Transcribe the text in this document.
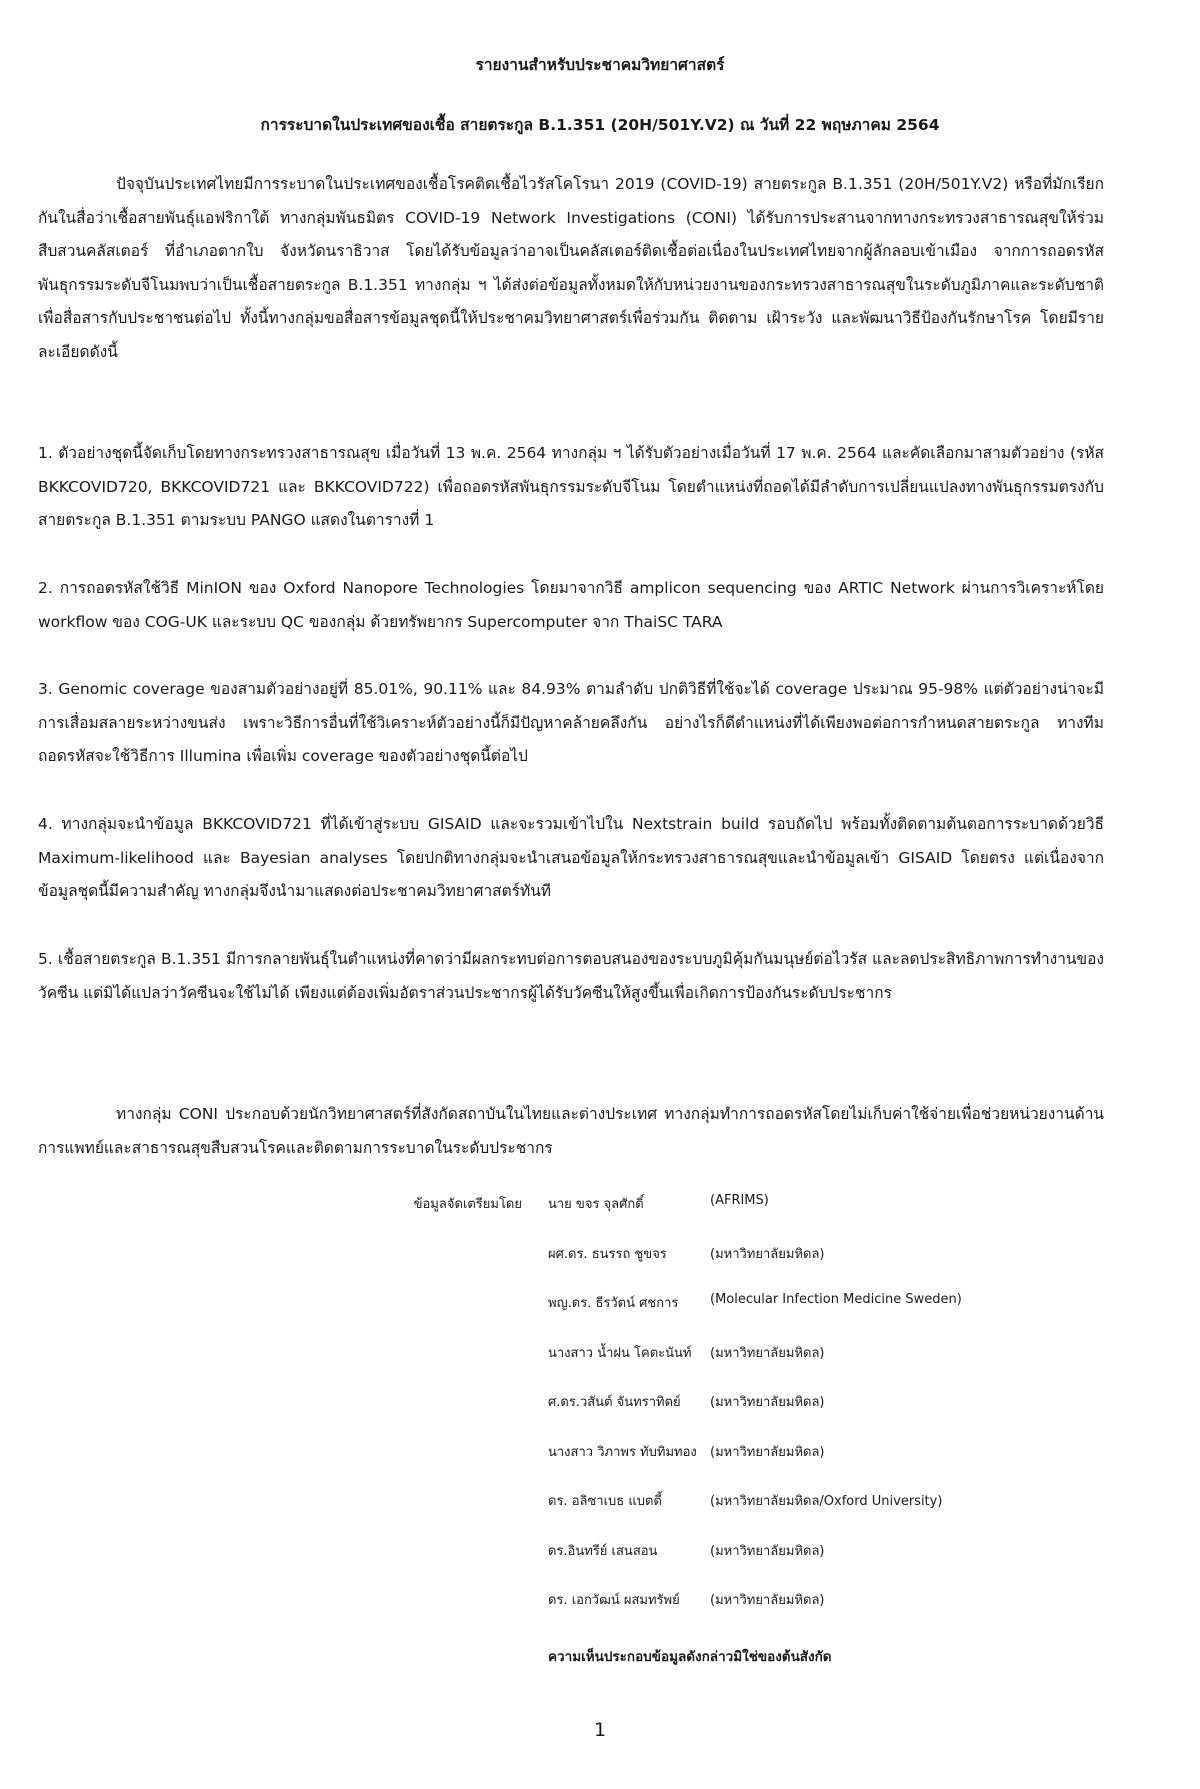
รายงานสำหรับประชาคมวิทยาศาสตร์
การระบาดในประเทศของเชื้อ สายตระกูล B.1.351 (20H/501Y.V2) ณ วันที่ 22 พฤษภาคม 2564

ปัจจุบันประเทศไทยมีการระบาดในประเทศของเชื้อโรคติดเชื้อไวรัสโคโรนา 2019 (COVID-19) สายตระกูล B.1.351 (20H/501Y.V2) หรือที่มักเรียกกันในสื่อว่าเชื้อสายพันธุ์แอฟริกาใต้ ทางกลุ่มพันธมิตร COVID-19 Network Investigations (CONI) ได้รับการประสานจากทางกระทรวงสาธารณสุขให้ร่วมสืบสวนคลัสเตอร์ ที่อำเภอตากใบ จังหวัดนราธิวาส โดยได้รับข้อมูลว่าอาจเป็นคลัสเตอร์ติดเชื้อต่อเนื่องในประเทศไทยจากผู้ลักลอบเข้าเมือง จากการถอดรหัสพันธุกรรมระดับจีโนมพบว่าเป็นเชื้อสายตระกูล B.1.351 ทางกลุ่ม ฯ ได้ส่งต่อข้อมูลทั้งหมดให้กับหน่วยงานของกระทรวงสาธารณสุขในระดับภูมิภาคและระดับชาติเพื่อสื่อสารกับประชาชนต่อไป ทั้งนี้ทางกลุ่มขอสื่อสารข้อมูลชุดนี้ให้ประชาคมวิทยาศาสตร์เพื่อร่วมกัน ติดตาม เฝ้าระวัง และพัฒนาวิธีป้องกันรักษาโรค โดยมีรายละเอียดดังนี้

1. ตัวอย่างชุดนี้จัดเก็บโดยทางกระทรวงสาธารณสุข เมื่อวันที่ 13 พ.ค. 2564 ทางกลุ่ม ฯ ได้รับตัวอย่างเมื่อวันที่ 17 พ.ค. 2564 และคัดเลือกมาสามตัวอย่าง (รหัส BKKCOVID720, BKKCOVID721 และ BKKCOVID722) เพื่อถอดรหัสพันธุกรรมระดับจีโนม โดยตำแหน่งที่ถอดได้มีลำดับการเปลี่ยนแปลงทางพันธุกรรมตรงกับสายตระกูล B.1.351 ตามระบบ PANGO แสดงในตารางที่ 1

2. การถอดรหัสใช้วิธี MinION ของ Oxford Nanopore Technologies โดยมาจากวิธี amplicon sequencing ของ ARTIC Network ผ่านการวิเคราะห์โดย workflow ของ COG-UK และระบบ QC ของกลุ่ม ด้วยทรัพยากร Supercomputer จาก ThaiSC TARA

3. Genomic coverage ของสามตัวอย่างอยู่ที่ 85.01%, 90.11% และ 84.93% ตามลำดับ ปกติวิธีที่ใช้จะได้ coverage ประมาณ 95-98% แต่ตัวอย่างน่าจะมีการเสื่อมสลายระหว่างขนส่ง เพราะวิธีการอื่นที่ใช้วิเคราะห์ตัวอย่างนี้ก็มีปัญหาคล้ายคลึงกัน อย่างไรก็ดีตำแหน่งที่ได้เพียงพอต่อการกำหนดสายตระกูล ทางทีมถอดรหัสจะใช้วิธีการ Illumina เพื่อเพิ่ม coverage ของตัวอย่างชุดนี้ต่อไป

4. ทางกลุ่มจะนำข้อมูล BKKCOVID721 ที่ได้เข้าสู่ระบบ GISAID และจะรวมเข้าไปใน Nextstrain build รอบถัดไป พร้อมทั้งติดตามต้นตอการระบาดด้วยวิธี Maximum-likelihood และ Bayesian analyses โดยปกติทางกลุ่มจะนำเสนอข้อมูลให้กระทรวงสาธารณสุขและนำข้อมูลเข้า GISAID โดยตรง แต่เนื่องจากข้อมูลชุดนี้มีความสำคัญ ทางกลุ่มจึงนำมาแสดงต่อประชาคมวิทยาศาสตร์ทันที

5. เชื้อสายตระกูล B.1.351 มีการกลายพันธุ์ในตำแหน่งที่คาดว่ามีผลกระทบต่อการตอบสนองของระบบภูมิคุ้มกันมนุษย์ต่อไวรัส และลดประสิทธิภาพการทำงานของวัคซีน แต่มิได้แปลว่าวัคซีนจะใช้ไม่ได้ เพียงแต่ต้องเพิ่มอัตราส่วนประชากรผู้ได้รับวัคซีนให้สูงขึ้นเพื่อเกิดการป้องกันระดับประชากร

ทางกลุ่ม CONI ประกอบด้วยนักวิทยาศาสตร์ที่สังกัดสถาบันในไทยและต่างประเทศ ทางกลุ่มทำการถอดรหัสโดยไม่เก็บค่าใช้จ่ายเพื่อช่วยหน่วยงานด้านการแพทย์และสาธารณสุขสืบสวนโรคและติดตามการระบาดในระดับประชากร

ข้อมูลจัดเตรียมโดย นาย ขจร จุลศักดิ์	(AFRIMS)
ผศ.ดร. ธนรรถ ชูขจร	(มหาวิทยาลัยมหิดล)
พญ.ดร. ธีรวัตน์ ศชการ	(Molecular Infection Medicine Sweden)
นางสาว น้ำฝน โคตะนันท์	(มหาวิทยาลัยมหิดล)
ศ.ดร.วสันต์ จันทราทิตย์	(มหาวิทยาลัยมหิดล)
นางสาว วิภาพร ทับทิมทอง (มหาวิทยาลัยมหิดล)
ดร. อลิซาเบธ แบตตี้	(มหาวิทยาลัยมหิดล/Oxford University)
ดร.อินทรีย์ เสนสอน	(มหาวิทยาลัยมหิดล)
ดร. เอกวัฒน์ ผสมทรัพย์	(มหาวิทยาลัยมหิดล)
ความเห็นประกอบข้อมูลดังกล่าวมิใช่ของต้นสังกัด
1
